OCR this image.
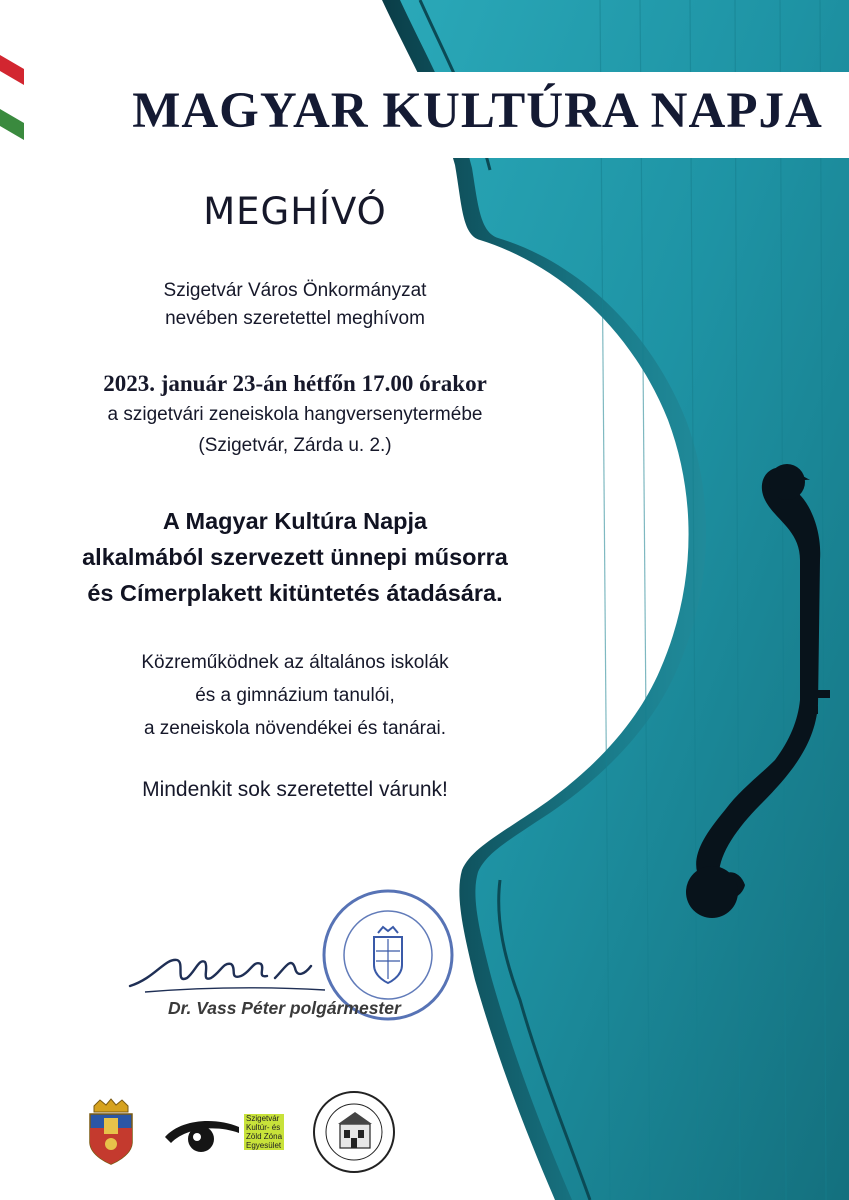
MAGYAR KULTÚRA NAPJA
MEGHÍVÓ
Szigetvár Város Önkormányzat
nevében szeretettel meghívom
2023. január 23-án hétfőn 17.00 órakor
a szigetvári zeneiskola hangversenytermébe
(Szigetvár, Zárda u. 2.)
A Magyar Kultúra Napja
alkalmából szervezett ünnepi műsorra
és Címerplakett kitüntetés átadására.
Közreműködnek az általános iskolák
és a gimnázium tanulói,
a zeneiskola növendékei és tanárai.
Mindenkit sok szeretettel várunk!
Dr. Vass Péter polgármester
Szigetvár
Kultúr- és
Zöld Zóna
Egyesület
